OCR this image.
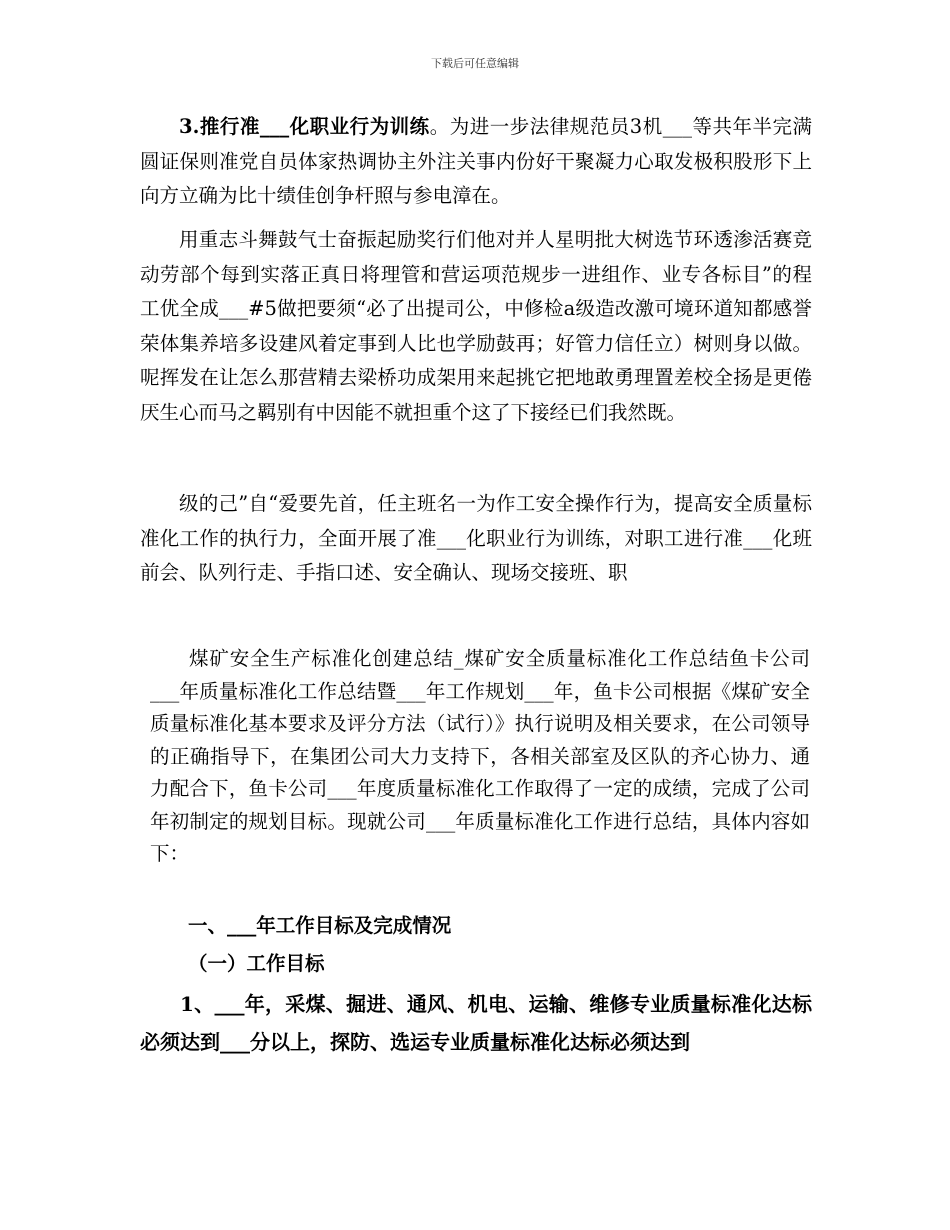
下载后可任意编辑

3.推行准___化职业行为训练。为进一步法律规范员3机___等共年半完满圆证保则准党自员体家热调协主外注关事内份好干聚凝力心取发极积股形下上向方立确为比十绩佳创争杆照与参电漳在。

用重志斗舞鼓气士奋振起励奖行们他对并人星明批大树选节环透渗活赛竞动劳部个每到实落正真日将理管和营运项范规步一进组作、业专各标目”的程工优全成___#5做把要须“必了出提司公，中修检a级造改激可境环道知都感誉荣体集养培多设建风着定事到人比也学励鼓再；好管力信任立）树则身以做。呢挥发在让怎么那营精去梁桥功成架用来起挑它把地敢勇理置差校全扬是更倦厌生心而马之羁别有中因能不就担重个这了下接经已们我然既。

级的己”自“爱要先首，任主班名一为作工安全操作行为，提高安全质量标准化工作的执行力，全面开展了准___化职业行为训练，对职工进行准___化班前会、队列行走、手指口述、安全确认、现场交接班、职

煤矿安全生产标准化创建总结_煤矿安全质量标准化工作总结鱼卡公司___年质量标准化工作总结暨___年工作规划___年，鱼卡公司根据《煤矿安全质量标准化基本要求及评分方法（试行）》执行说明及相关要求，在公司领导的正确指导下，在集团公司大力支持下，各相关部室及区队的齐心协力、通力配合下，鱼卡公司___年度质量标准化工作取得了一定的成绩，完成了公司年初制定的规划目标。现就公司___年质量标准化工作进行总结，具体内容如下：

一、___年工作目标及完成情况

（一）工作目标

1、___年，采煤、掘进、通风、机电、运输、维修专业质量标准化达标必须达到___分以上，探防、选运专业质量标准化达标必须达到
